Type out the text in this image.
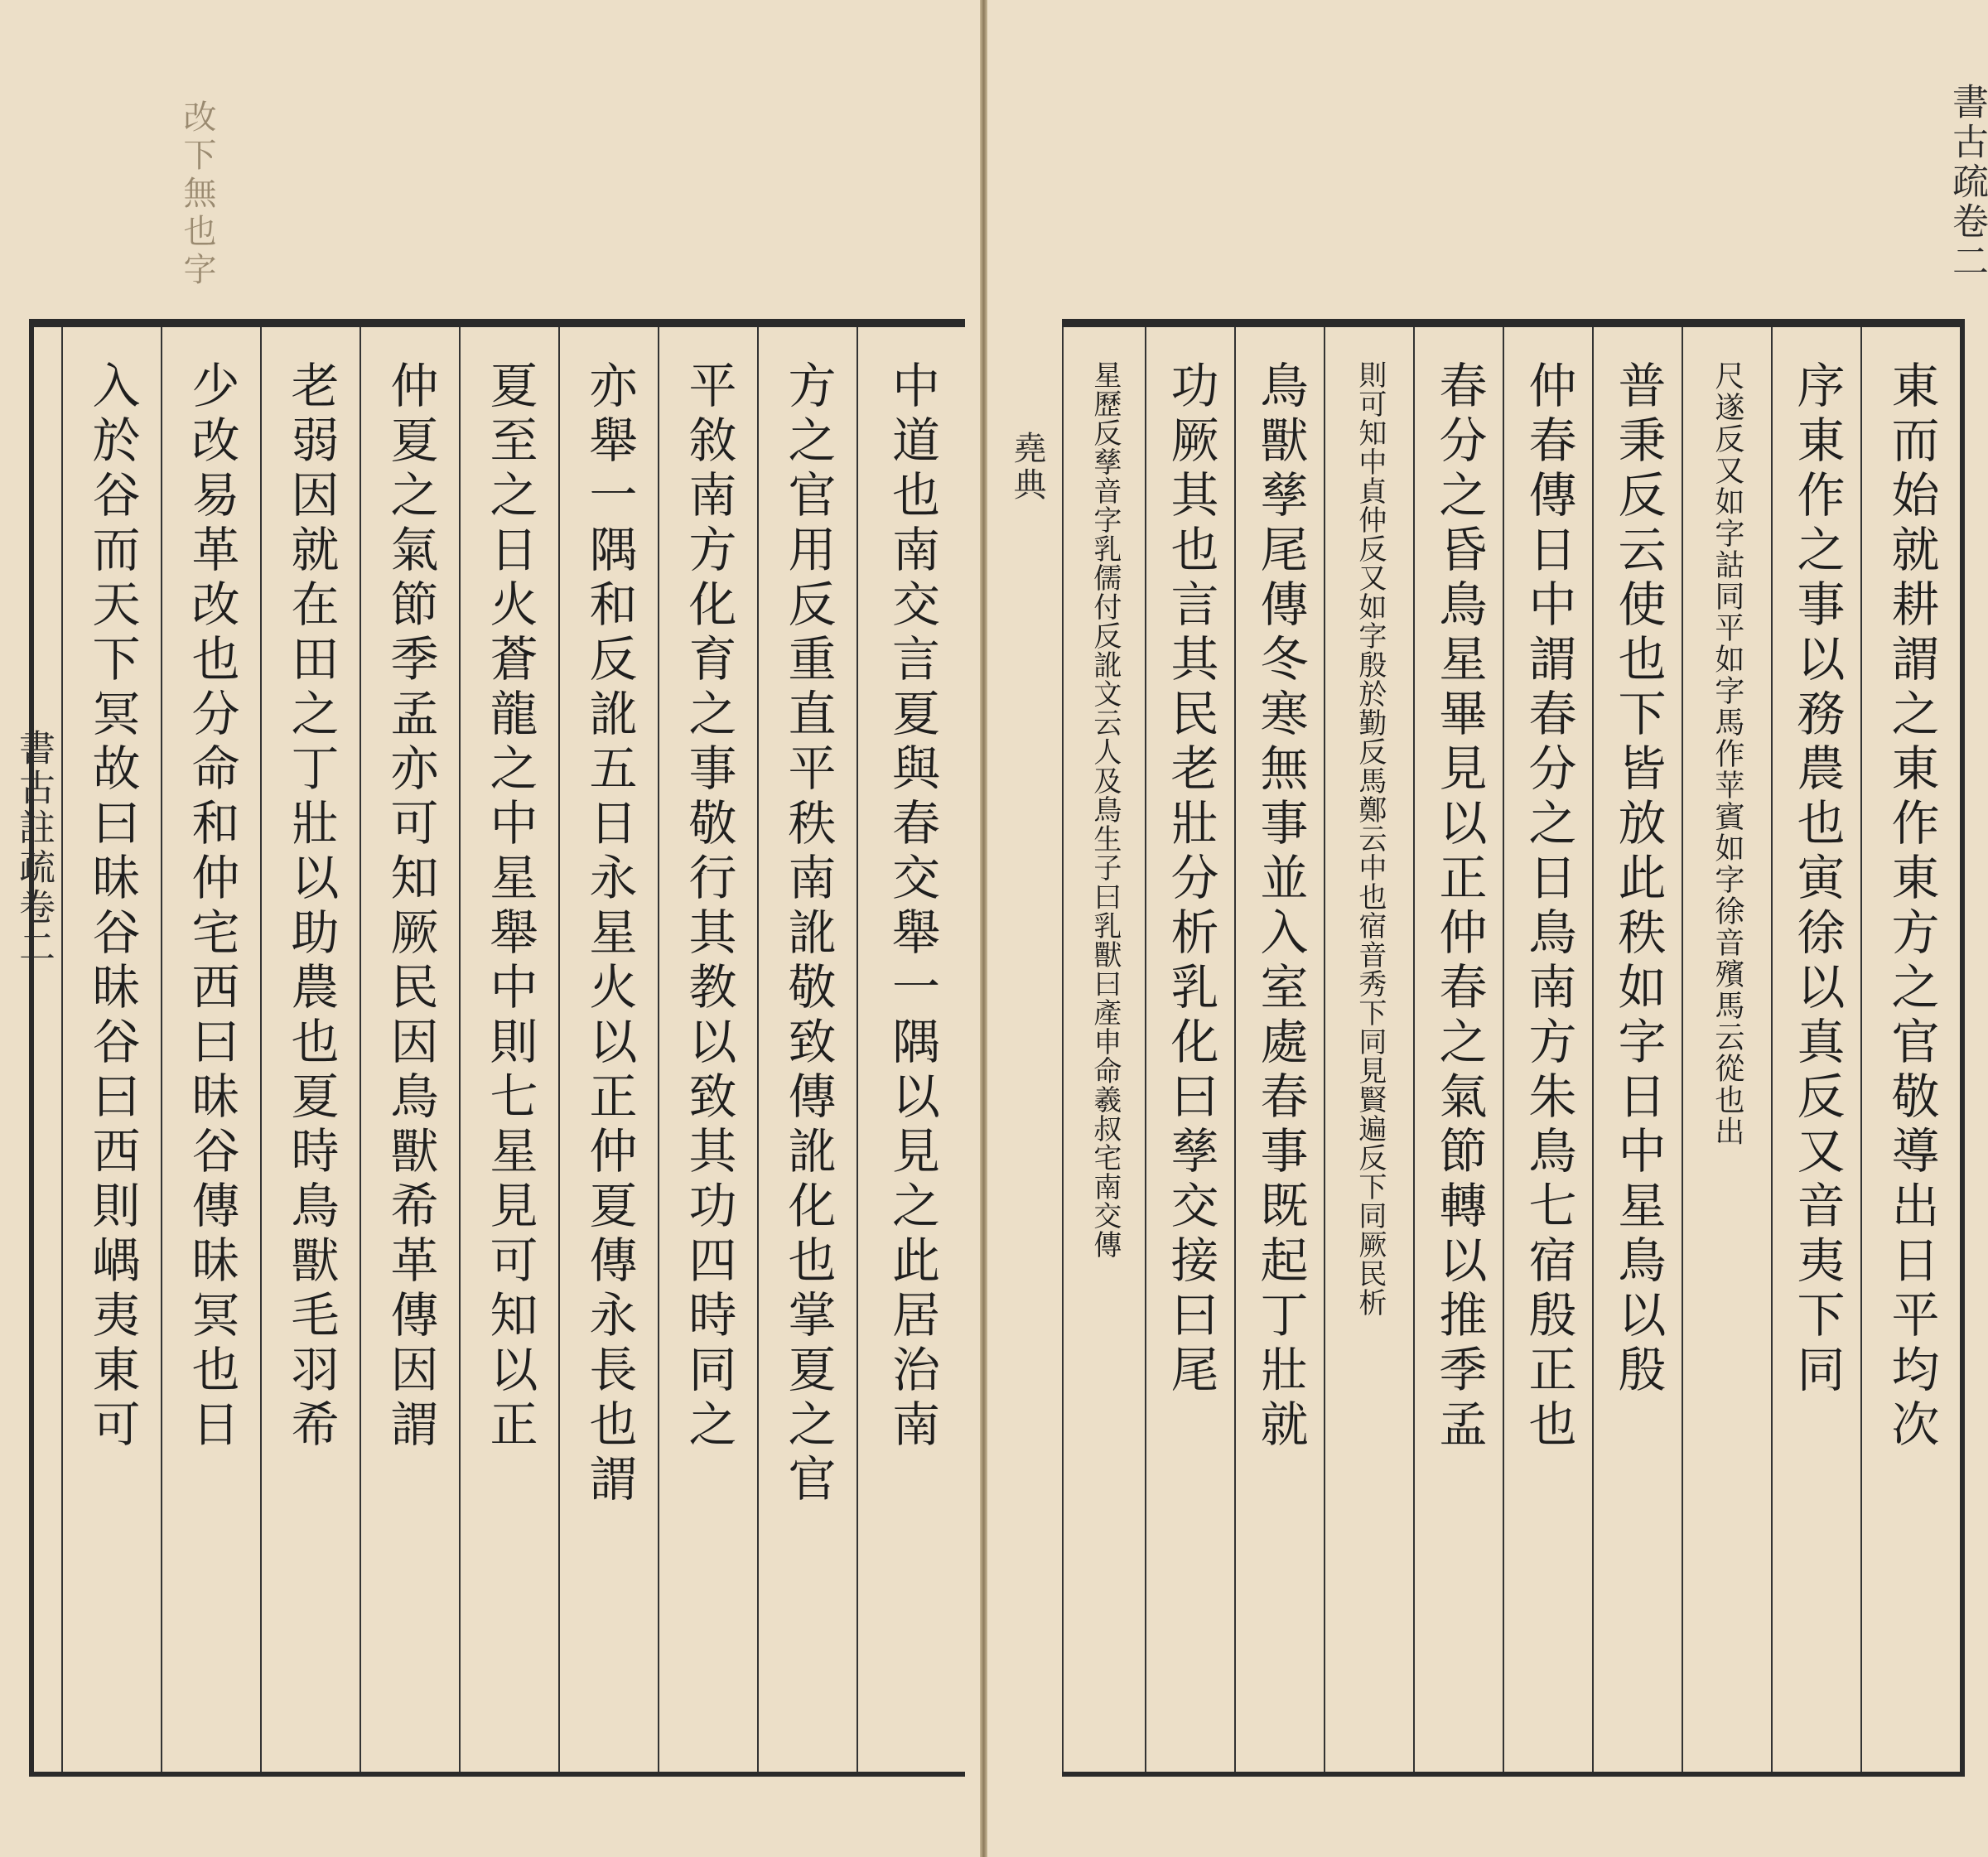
改下無也字
書古註疏卷二	中道也南交言夏與春交舉一隅以見之此居治南
方之官用反重直平秩南訛敬致傳訛化也掌夏之官
平敘南方化育之事敬行其教以致其功四時同之
亦舉一隅和反訛五日永星火以正仲夏傳永長也謂
夏至之日火蒼龍之中星舉中則七星見可知以正
仲夏之氣節季孟亦可知厥民因鳥獸希革傳因謂
老弱因就在田之丁壯以助農也夏時鳥獸毛羽希
少改易革改也分命和仲宅西曰昧谷傳昧冥也日
入於谷而天下冥故曰昧谷昧谷曰西則嵎夷東可
書古疏卷二
堯典	東而始就耕謂之東作東方之官敬導出日平均次
序東作之事以務農也寅徐以真反又音夷下同
尺遂反又如字詁同平如字馬作苹賓如字徐音殯馬云從也出
普秉反云使也下皆放此秩如字日中星鳥以殷
仲春傳日中謂春分之日鳥南方朱鳥七宿殷正也
春分之昏鳥星畢見以正仲春之氣節轉以推季孟
則可知中貞仲反又如字殷於勤反馬鄭云中也宿音秀下同見賢遍反下同厥民析
鳥獸孳尾傳冬寒無事並入室處春事既起丁壯就
功厥其也言其民老壯分析乳化曰孳交接曰尾
星歷反孳音字乳儒付反訛文云人及鳥生子曰乳獸曰產申命羲叔宅南交傳
